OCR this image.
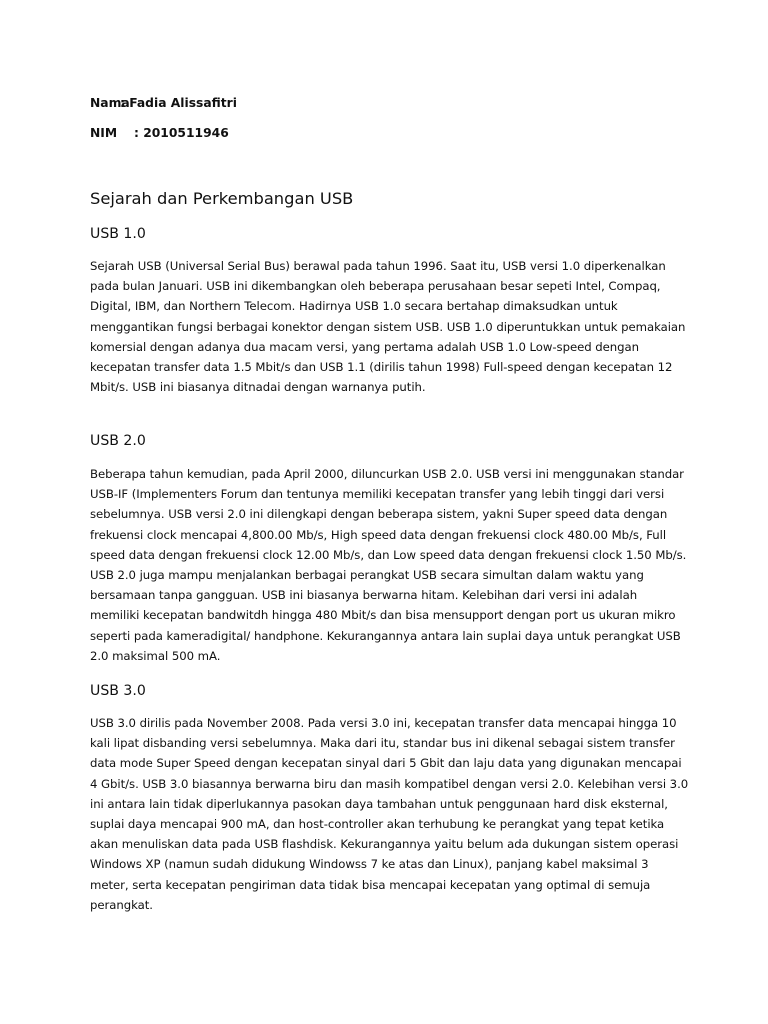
Nama
: Fadia Alissafitri
NIM : 2010511946
Sejarah dan Perkembangan USB
USB 1.0

Sejarah USB (Universal Serial Bus) berawal pada tahun 1996. Saat itu, USB versi 1.0 diperkenalkan pada bulan Januari. USB ini dikembangkan oleh beberapa perusahaan besar sepeti Intel, Compaq, Digital, IBM, dan Northern Telecom. Hadirnya USB 1.0 secara bertahap dimaksudkan untuk menggantikan fungsi berbagai konektor dengan sistem USB. USB 1.0 diperuntukkan untuk pemakaian komersial dengan adanya dua macam versi, yang pertama adalah USB 1.0 Low-speed dengan kecepatan transfer data 1.5 Mbit/s dan USB 1.1 (dirilis tahun 1998) Full-speed dengan kecepatan 12 Mbit/s. USB ini biasanya ditnadai dengan warnanya putih.

USB 2.0

Beberapa tahun kemudian, pada April 2000, diluncurkan USB 2.0. USB versi ini menggunakan standar USB-IF (Implementers Forum dan tentunya memiliki kecepatan transfer yang lebih tinggi dari versi sebelumnya. USB versi 2.0 ini dilengkapi dengan beberapa sistem, yakni Super speed data dengan frekuensi clock mencapai 4,800.00 Mb/s, High speed data dengan frekuensi clock 480.00 Mb/s, Full speed data dengan frekuensi clock 12.00 Mb/s, dan Low speed data dengan frekuensi clock 1.50 Mb/s. USB 2.0 juga mampu menjalankan berbagai perangkat USB secara simultan dalam waktu yang bersamaan tanpa gangguan. USB ini biasanya berwarna hitam. Kelebihan dari versi ini adalah memiliki kecepatan bandwitdh hingga 480 Mbit/s dan bisa mensupport dengan port us ukuran mikro seperti pada kameradigital/ handphone. Kekurangannya antara lain suplai daya untuk perangkat USB 2.0 maksimal 500 mA.

USB 3.0

USB 3.0 dirilis pada November 2008. Pada versi 3.0 ini, kecepatan transfer data mencapai hingga 10 kali lipat disbanding versi sebelumnya. Maka dari itu, standar bus ini dikenal sebagai sistem transfer data mode Super Speed dengan kecepatan sinyal dari 5 Gbit dan laju data yang digunakan mencapai 4 Gbit/s. USB 3.0 biasannya berwarna biru dan masih kompatibel dengan versi 2.0. Kelebihan versi 3.0 ini antara lain tidak diperlukannya pasokan daya tambahan untuk penggunaan hard disk eksternal, suplai daya mencapai 900 mA, dan host-controller akan terhubung ke perangkat yang tepat ketika akan menuliskan data pada USB flashdisk. Kekurangannya yaitu belum ada dukungan sistem operasi Windows XP (namun sudah didukung Windowss 7 ke atas dan Linux), panjang kabel maksimal 3 meter, serta kecepatan pengiriman data tidak bisa mencapai kecepatan yang optimal di semuja perangkat.
